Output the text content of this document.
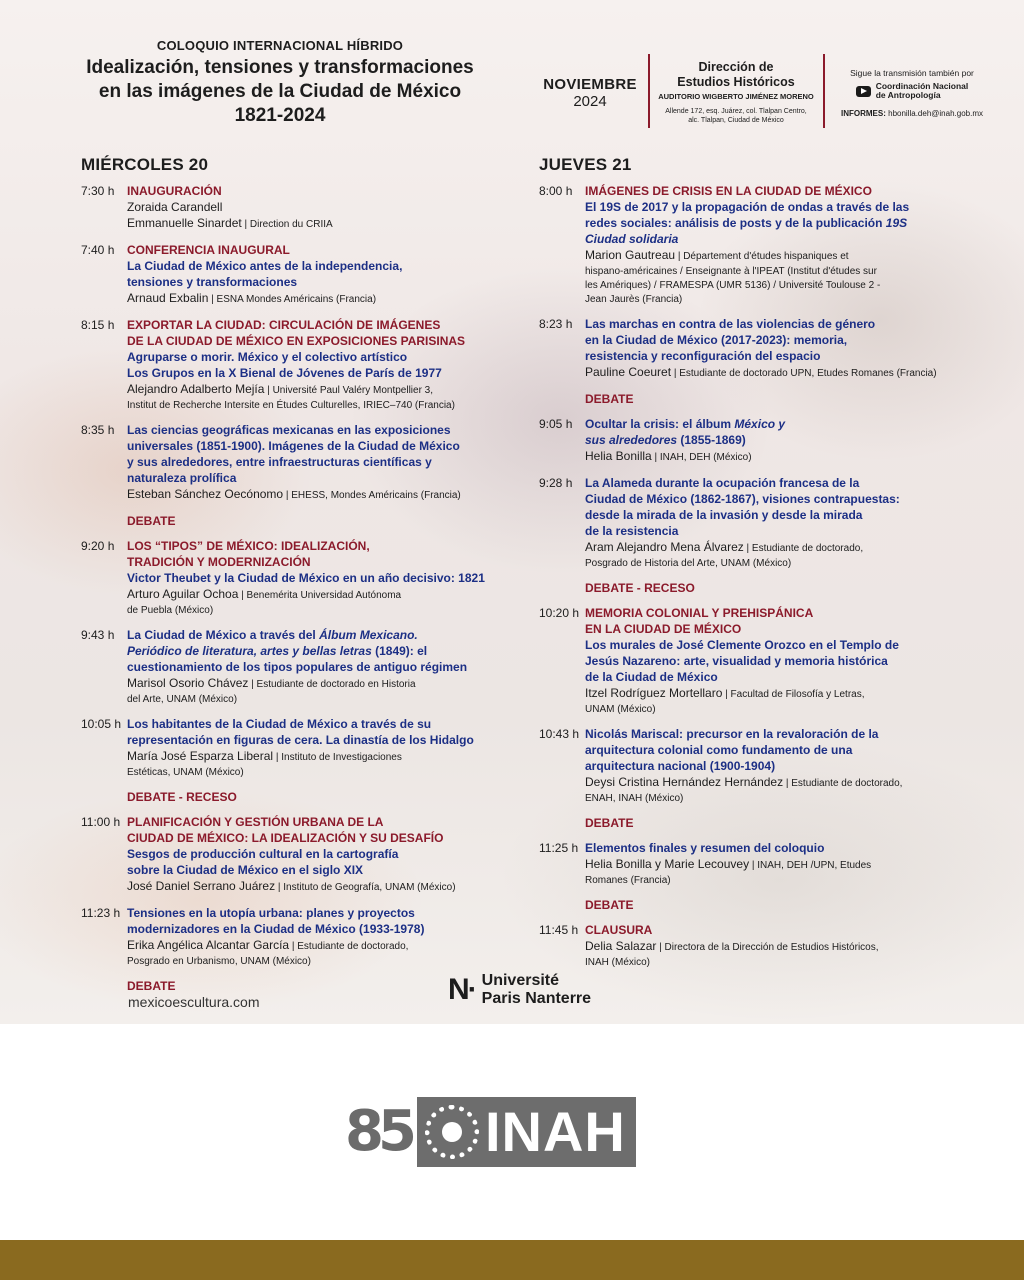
COLOQUIO INTERNACIONAL HÍBRIDO
Idealización, tensiones y transformaciones
en las imágenes de la Ciudad de México
1821-2024
NOVIEMBRE
2024
Dirección de
Estudios Históricos
AUDITORIO WIGBERTO JIMÉNEZ MORENO
Allende 172, esq. Juárez, col. Tlalpan Centro,
alc. Tlalpan, Ciudad de México
Sigue la transmisión también por
Coordinación Nacional
de Antropología
INFORMES: hbonilla.deh@inah.gob.mx
MIÉRCOLES 20
7:30 h	INAUGURACIÓN
Zoraida Carandell
Emmanuelle Sinardet | Direction du CRIIA
7:40 h	CONFERENCIA INAUGURAL
La Ciudad de México antes de la independencia,
tensiones y transformaciones
Arnaud Exbalin | ESNA Mondes Américains (Francia)
8:15 h	EXPORTAR LA CIUDAD: CIRCULACIÓN DE IMÁGENES
DE LA CIUDAD DE MÉXICO EN EXPOSICIONES PARISINAS
Agruparse o morir. México y el colectivo artístico
Los Grupos en la X Bienal de Jóvenes de París de 1977
Alejandro Adalberto Mejía | Université Paul Valéry Montpellier 3,
Institut de Recherche Intersite en Études Culturelles, IRIEC–740 (Francia)
8:35 h	Las ciencias geográficas mexicanas en las exposiciones
universales (1851-1900). Imágenes de la Ciudad de México
y sus alrededores, entre infraestructuras científicas y
naturaleza prolífica
Esteban Sánchez Oecónomo | EHESS, Mondes Américains (Francia)
DEBATE
9:20 h	LOS “TIPOS” DE MÉXICO: IDEALIZACIÓN,
TRADICIÓN Y MODERNIZACIÓN
Victor Theubet y la Ciudad de México en un año decisivo: 1821
Arturo Aguilar Ochoa | Benemérita Universidad Autónoma
de Puebla (México)
9:43 h	La Ciudad de México a través del Álbum Mexicano.
Periódico de literatura, artes y bellas letras (1849): el
cuestionamiento de los tipos populares de antiguo régimen
Marisol Osorio Chávez | Estudiante de doctorado en Historia
del Arte, UNAM (México)
10:05 h Los habitantes de la Ciudad de México a través de su
representación en figuras de cera. La dinastía de los Hidalgo
María José Esparza Liberal | Instituto de Investigaciones
Estéticas, UNAM (México)
DEBATE - RECESO
11:00 h PLANIFICACIÓN Y GESTIÓN URBANA DE LA
CIUDAD DE MÉXICO: LA IDEALIZACIÓN Y SU DESAFÍO
Sesgos de producción cultural en la cartografía
sobre la Ciudad de México en el siglo XIX
José Daniel Serrano Juárez | Instituto de Geografía, UNAM (México)
11:23 h Tensiones en la utopía urbana: planes y proyectos
modernizadores en la Ciudad de México (1933-1978)
Erika Angélica Alcantar García | Estudiante de doctorado,
Posgrado en Urbanismo, UNAM (México)
DEBATE
JUEVES 21
8:00 h	IMÁGENES DE CRISIS EN LA CIUDAD DE MÉXICO
El 19S de 2017 y la propagación de ondas a través de las
redes sociales: análisis de posts y de la publicación 19S
Ciudad solidaria
Marion Gautreau | Département d'études hispaniques et
hispano-américaines / Enseignante à l'IPEAT (Institut d'études sur
les Amériques) / FRAMESPA (UMR 5136) / Université Toulouse 2 -
Jean Jaurès (Francia)
8:23 h	Las marchas en contra de las violencias de género
en la Ciudad de México (2017-2023): memoria,
resistencia y reconfiguración del espacio
Pauline Coeuret | Estudiante de doctorado UPN, Etudes Romanes (Francia)
DEBATE
9:05 h	Ocultar la crisis: el álbum México y
sus alrededores (1855-1869)
Helia Bonilla | INAH, DEH (México)
9:28 h	La Alameda durante la ocupación francesa de la
Ciudad de México (1862-1867), visiones contrapuestas:
desde la mirada de la invasión y desde la mirada
de la resistencia
Aram Alejandro Mena Álvarez | Estudiante de doctorado,
Posgrado de Historia del Arte, UNAM (México)
DEBATE - RECESO
10:20 h MEMORIA COLONIAL Y PREHISPÁNICA
EN LA CIUDAD DE MÉXICO
Los murales de José Clemente Orozco en el Templo de
Jesús Nazareno: arte, visualidad y memoria histórica
de la Ciudad de México
Itzel Rodríguez Mortellaro | Facultad de Filosofía y Letras,
UNAM (México)
10:43 h Nicolás Mariscal: precursor en la revaloración de la
arquitectura colonial como fundamento de una
arquitectura nacional (1900-1904)
Deysi Cristina Hernández Hernández | Estudiante de doctorado,
ENAH, INAH (México)
DEBATE
11:25 h Elementos finales y resumen del coloquio
Helia Bonilla y Marie Lecouvey | INAH, DEH /UPN, Etudes
Romanes (Francia)
DEBATE
11:45 h CLAUSURA
Delia Salazar | Directora de la Dirección de Estudios Históricos,
INAH (México)
mexicoescultura.com	N· Université
Paris Nanterre
85 INAH
